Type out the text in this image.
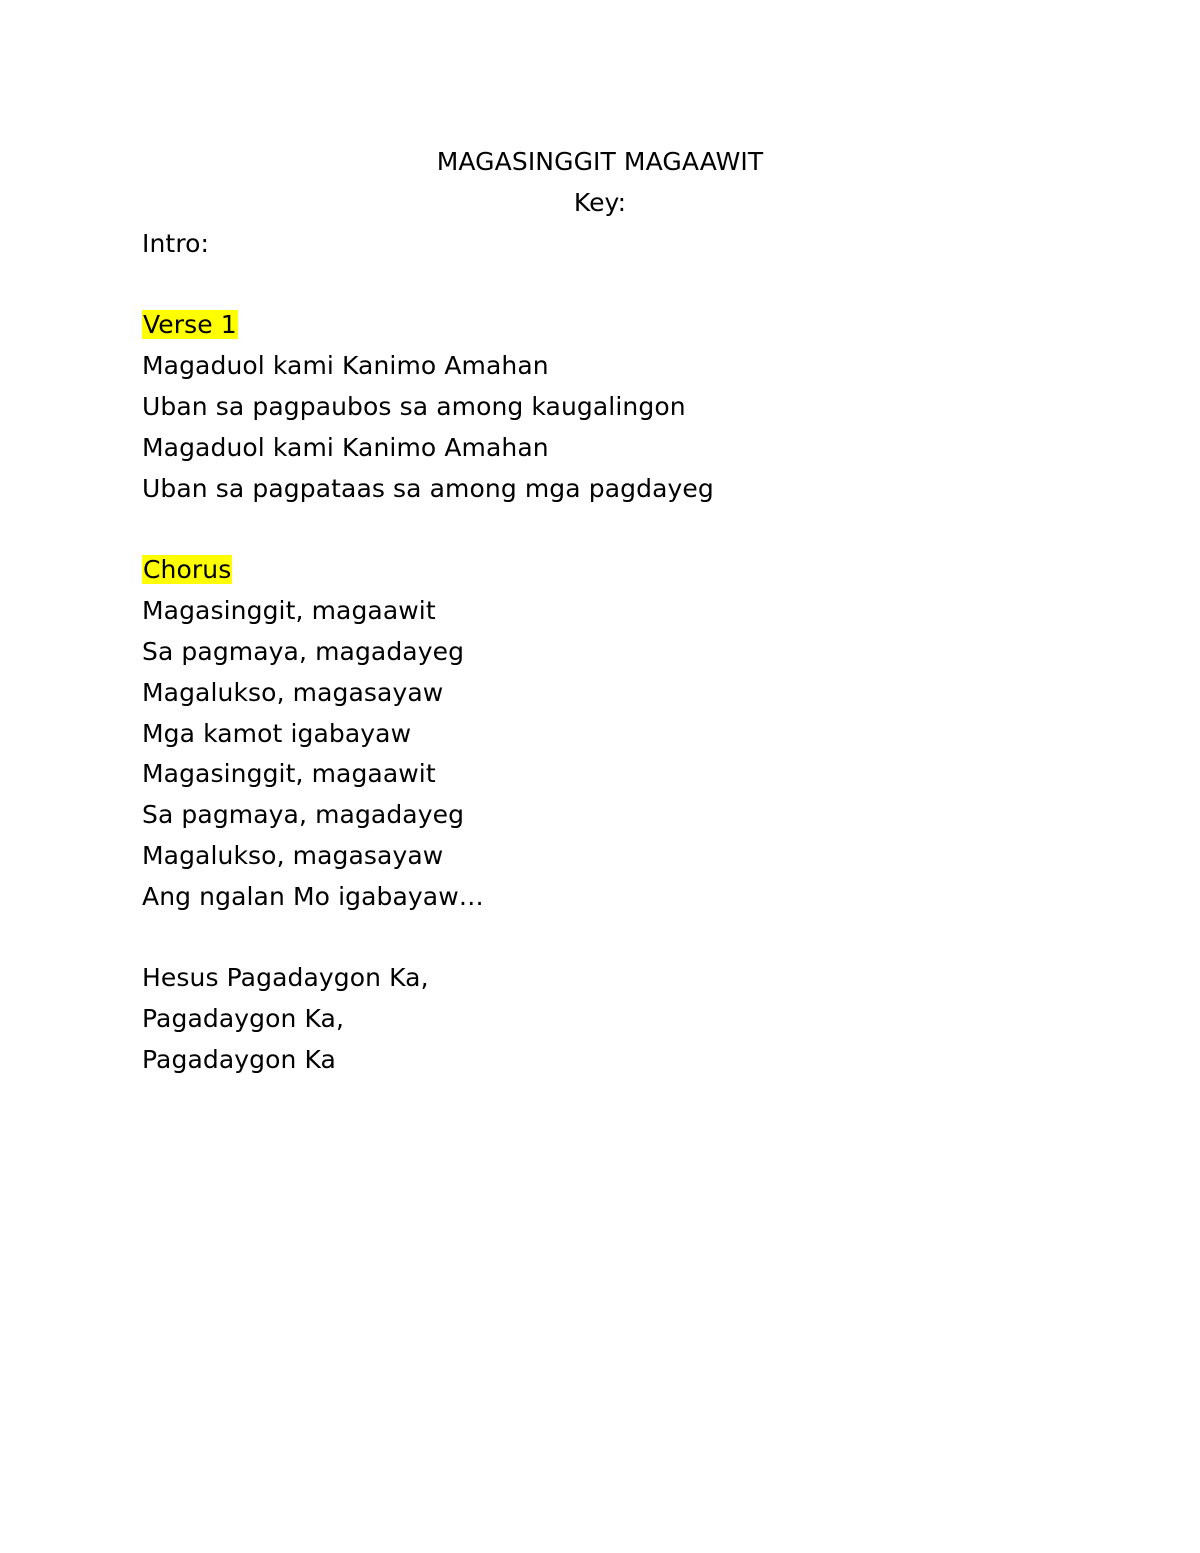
MAGASINGGIT MAGAAWIT
Key:
Intro:
Verse 1
Magaduol kami Kanimo Amahan
Uban sa pagpaubos sa among kaugalingon
Magaduol kami Kanimo Amahan
Uban sa pagpataas sa among mga pagdayeg
Chorus
Magasinggit, magaawit
Sa pagmaya, magadayeg
Magalukso, magasayaw
Mga kamot igabayaw
Magasinggit, magaawit
Sa pagmaya, magadayeg
Magalukso, magasayaw
Ang ngalan Mo igabayaw…
Hesus Pagadaygon Ka,
Pagadaygon Ka,
Pagadaygon Ka
